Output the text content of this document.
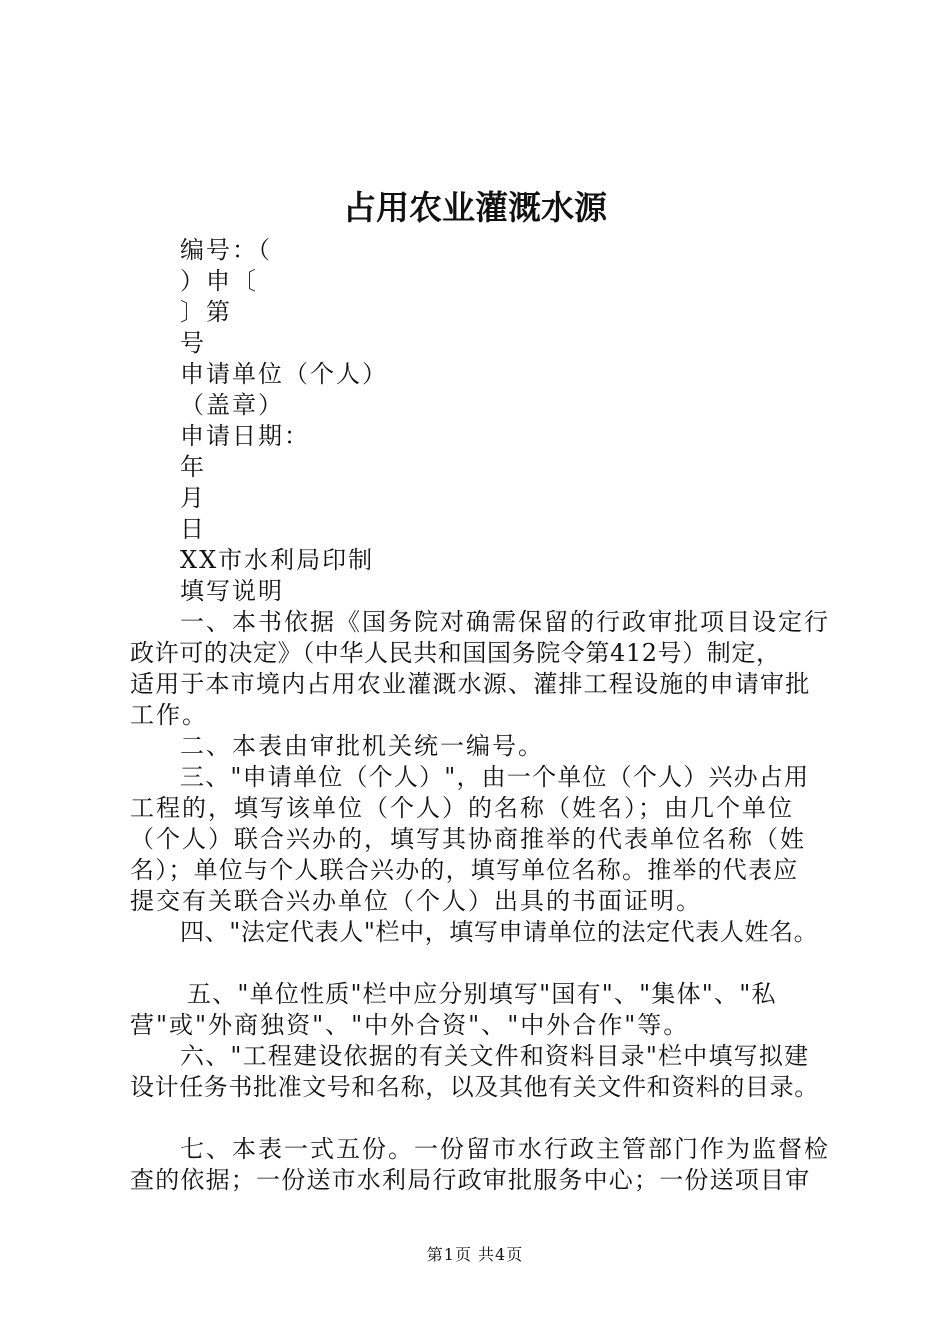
占用农业灌溉水源
编号：（
）申〔
〕第
号
申请单位（个人）
（盖章）
申请日期：
年
月
日
XX市水利局印制
填写说明
一、本书依据《国务院对确需保留的行政审批项目设定行
政许可的决定》（中华人民共和国国务院令第412号）制定，
适用于本市境内占用农业灌溉水源、灌排工程设施的申请审批
工作。
二、本表由审批机关统一编号。
三、"申请单位（个人）"，由一个单位（个人）兴办占用
工程的，填写该单位（个人）的名称（姓名）；由几个单位
（个人）联合兴办的，填写其协商推举的代表单位名称（姓
名）；单位与个人联合兴办的，填写单位名称。推举的代表应
提交有关联合兴办单位（个人）出具的书面证明。
四、"法定代表人"栏中，填写申请单位的法定代表人姓名。
五、"单位性质"栏中应分别填写"国有"、"集体"、"私
营"或"外商独资"、"中外合资"、"中外合作"等。
六、"工程建设依据的有关文件和资料目录"栏中填写拟建
设计任务书批准文号和名称，以及其他有关文件和资料的目录。
七、本表一式五份。一份留市水行政主管部门作为监督检
查的依据；一份送市水利局行政审批服务中心；一份送项目审
第1页 共4页
